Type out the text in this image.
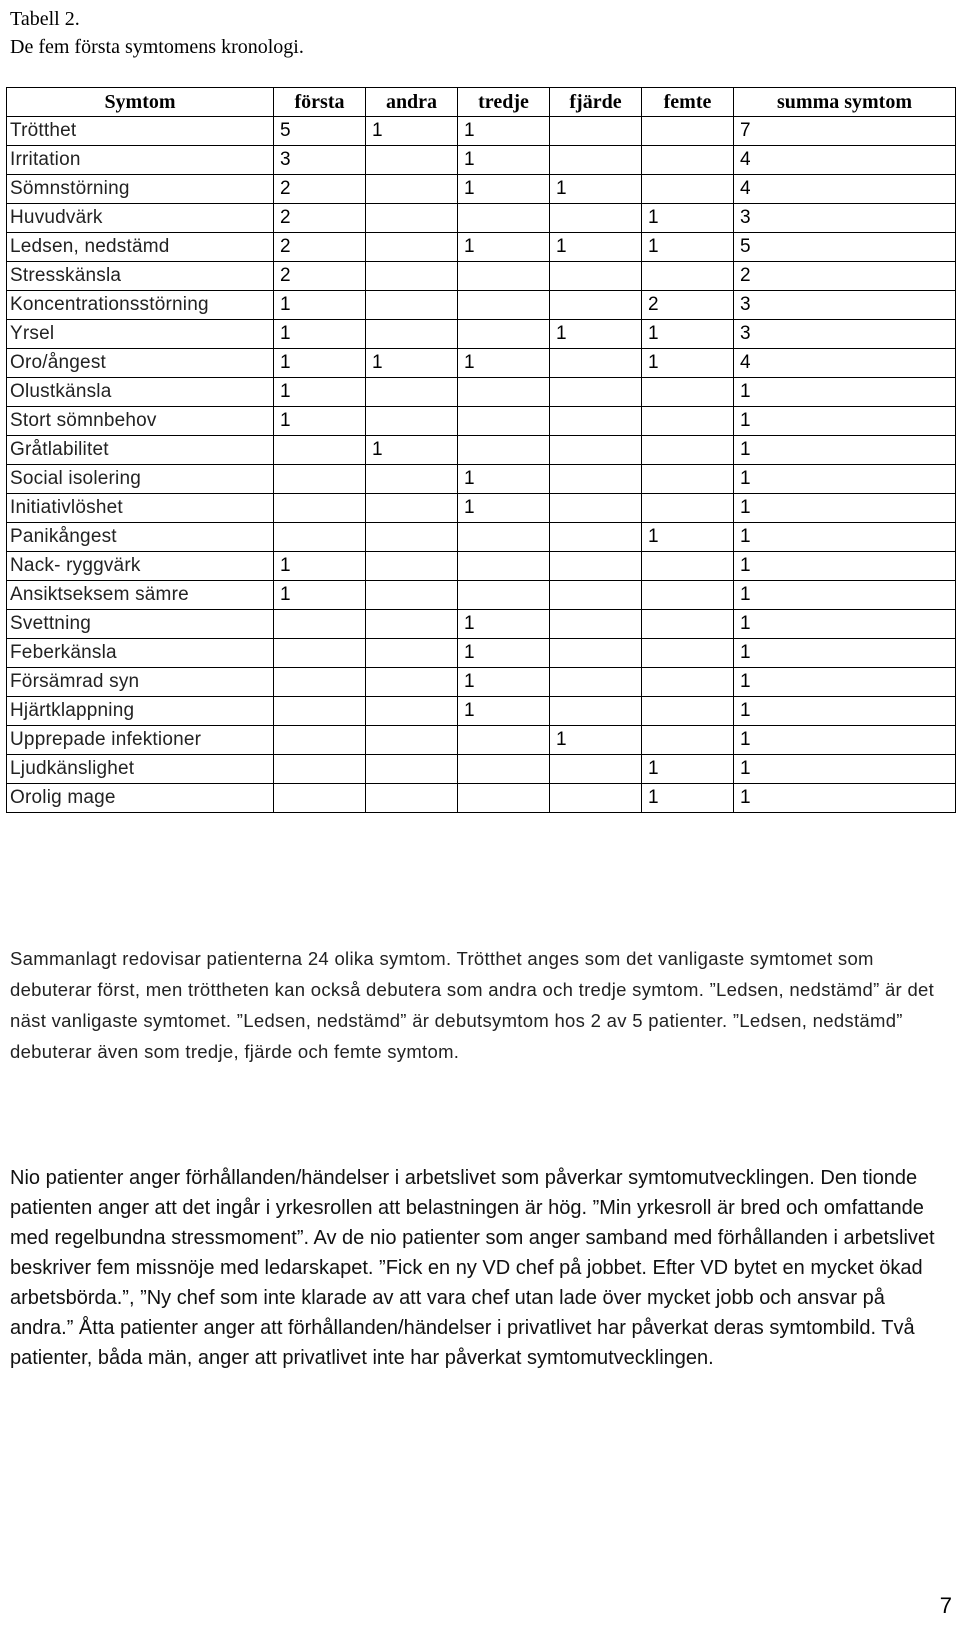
Tabell 2.
De fem första symtomens kronologi.
Symtom	första	andra	tredje	fjärde	femte	summa symtom
Trötthet	5	1	1			7
Irritation	3		1			4
Sömnstörning	2		1	1		4
Huvudvärk	2				1	3
Ledsen, nedstämd	2		1	1	1	5
Stresskänsla	2					2
Koncentrationsstörning	1				2	3
Yrsel	1			1	1	3
Oro/ångest	1	1	1		1	4
Olustkänsla	1					1
Stort sömnbehov	1					1
Gråtlabilitet		1				1
Social isolering			1			1
Initiativlöshet			1			1
Panikångest					1	1
Nack- ryggvärk	1					1
Ansiktseksem sämre	1					1
Svettning			1			1
Feberkänsla			1			1
Försämrad syn			1			1
Hjärtklappning			1			1
Upprepade infektioner				1		1
Ljudkänslighet					1	1
Orolig mage					1	1

Sammanlagt redovisar patienterna 24 olika symtom. Trötthet anges som det vanligaste symtomet som debuterar först, men tröttheten kan också debutera som andra och tredje symtom. ”Ledsen, nedstämd” är det näst vanligaste symtomet. ”Ledsen, nedstämd” är debutsymtom hos 2 av 5 patienter. ”Ledsen, nedstämd” debuterar även som tredje, fjärde och femte symtom.

Nio patienter anger förhållanden/händelser i arbetslivet som påverkar symtomutvecklingen. Den tionde patienten anger att det ingår i yrkesrollen att belastningen är hög. ”Min yrkesroll är bred och omfattande med regelbundna stressmoment”. Av de nio patienter som anger samband med förhållanden i arbetslivet beskriver fem missnöje med ledarskapet. ”Fick en ny VD chef på jobbet. Efter VD bytet en mycket ökad arbetsbörda.”, ”Ny chef som inte klarade av att vara chef utan lade över mycket jobb och ansvar på andra.” Åtta patienter anger att förhållanden/händelser i privatlivet har påverkat deras symtombild. Två patienter, båda män, anger att privatlivet inte har påverkat symtomutvecklingen.

7
